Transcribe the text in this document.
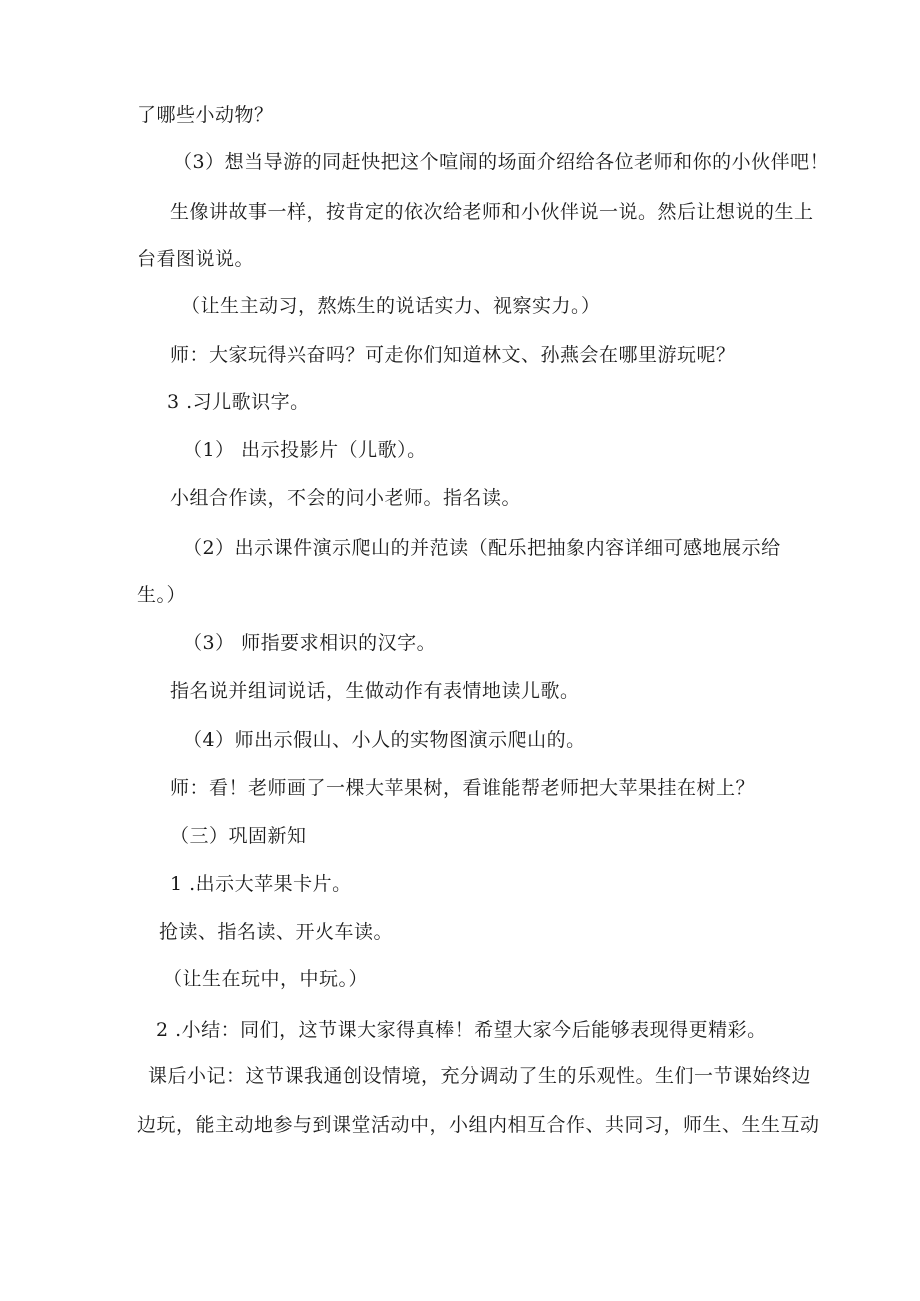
了哪些小动物？
（3）想当导游的同赶快把这个喧闹的场面介绍给各位老师和你的小伙伴吧！
生像讲故事一样，按肯定的依次给老师和小伙伴说一说。然后让想说的生上
台看图说说。
（让生主动习，熬炼生的说话实力、视察实力。）
师：大家玩得兴奋吗？可走你们知道林文、孙燕会在哪里游玩呢？
3 .习儿歌识字。
（1） 出示投影片（儿歌）。
小组合作读，不会的问小老师。指名读。
（2）出示课件演示爬山的并范读（配乐把抽象内容详细可感地展示给
生。）
（3） 师指要求相识的汉字。
指名说并组词说话，生做动作有表情地读儿歌。
（4）师出示假山、小人的实物图演示爬山的。
师：看！老师画了一棵大苹果树，看谁能帮老师把大苹果挂在树上？
（三）巩固新知
1 .出示大苹果卡片。
抢读、指名读、开火车读。
（让生在玩中，中玩。）
2 .小结：同们，这节课大家得真棒！希望大家今后能够表现得更精彩。
课后小记：这节课我通创设情境，充分调动了生的乐观性。生们一节课始终边
边玩，能主动地参与到课堂活动中，小组内相互合作、共同习，师生、生生互动
